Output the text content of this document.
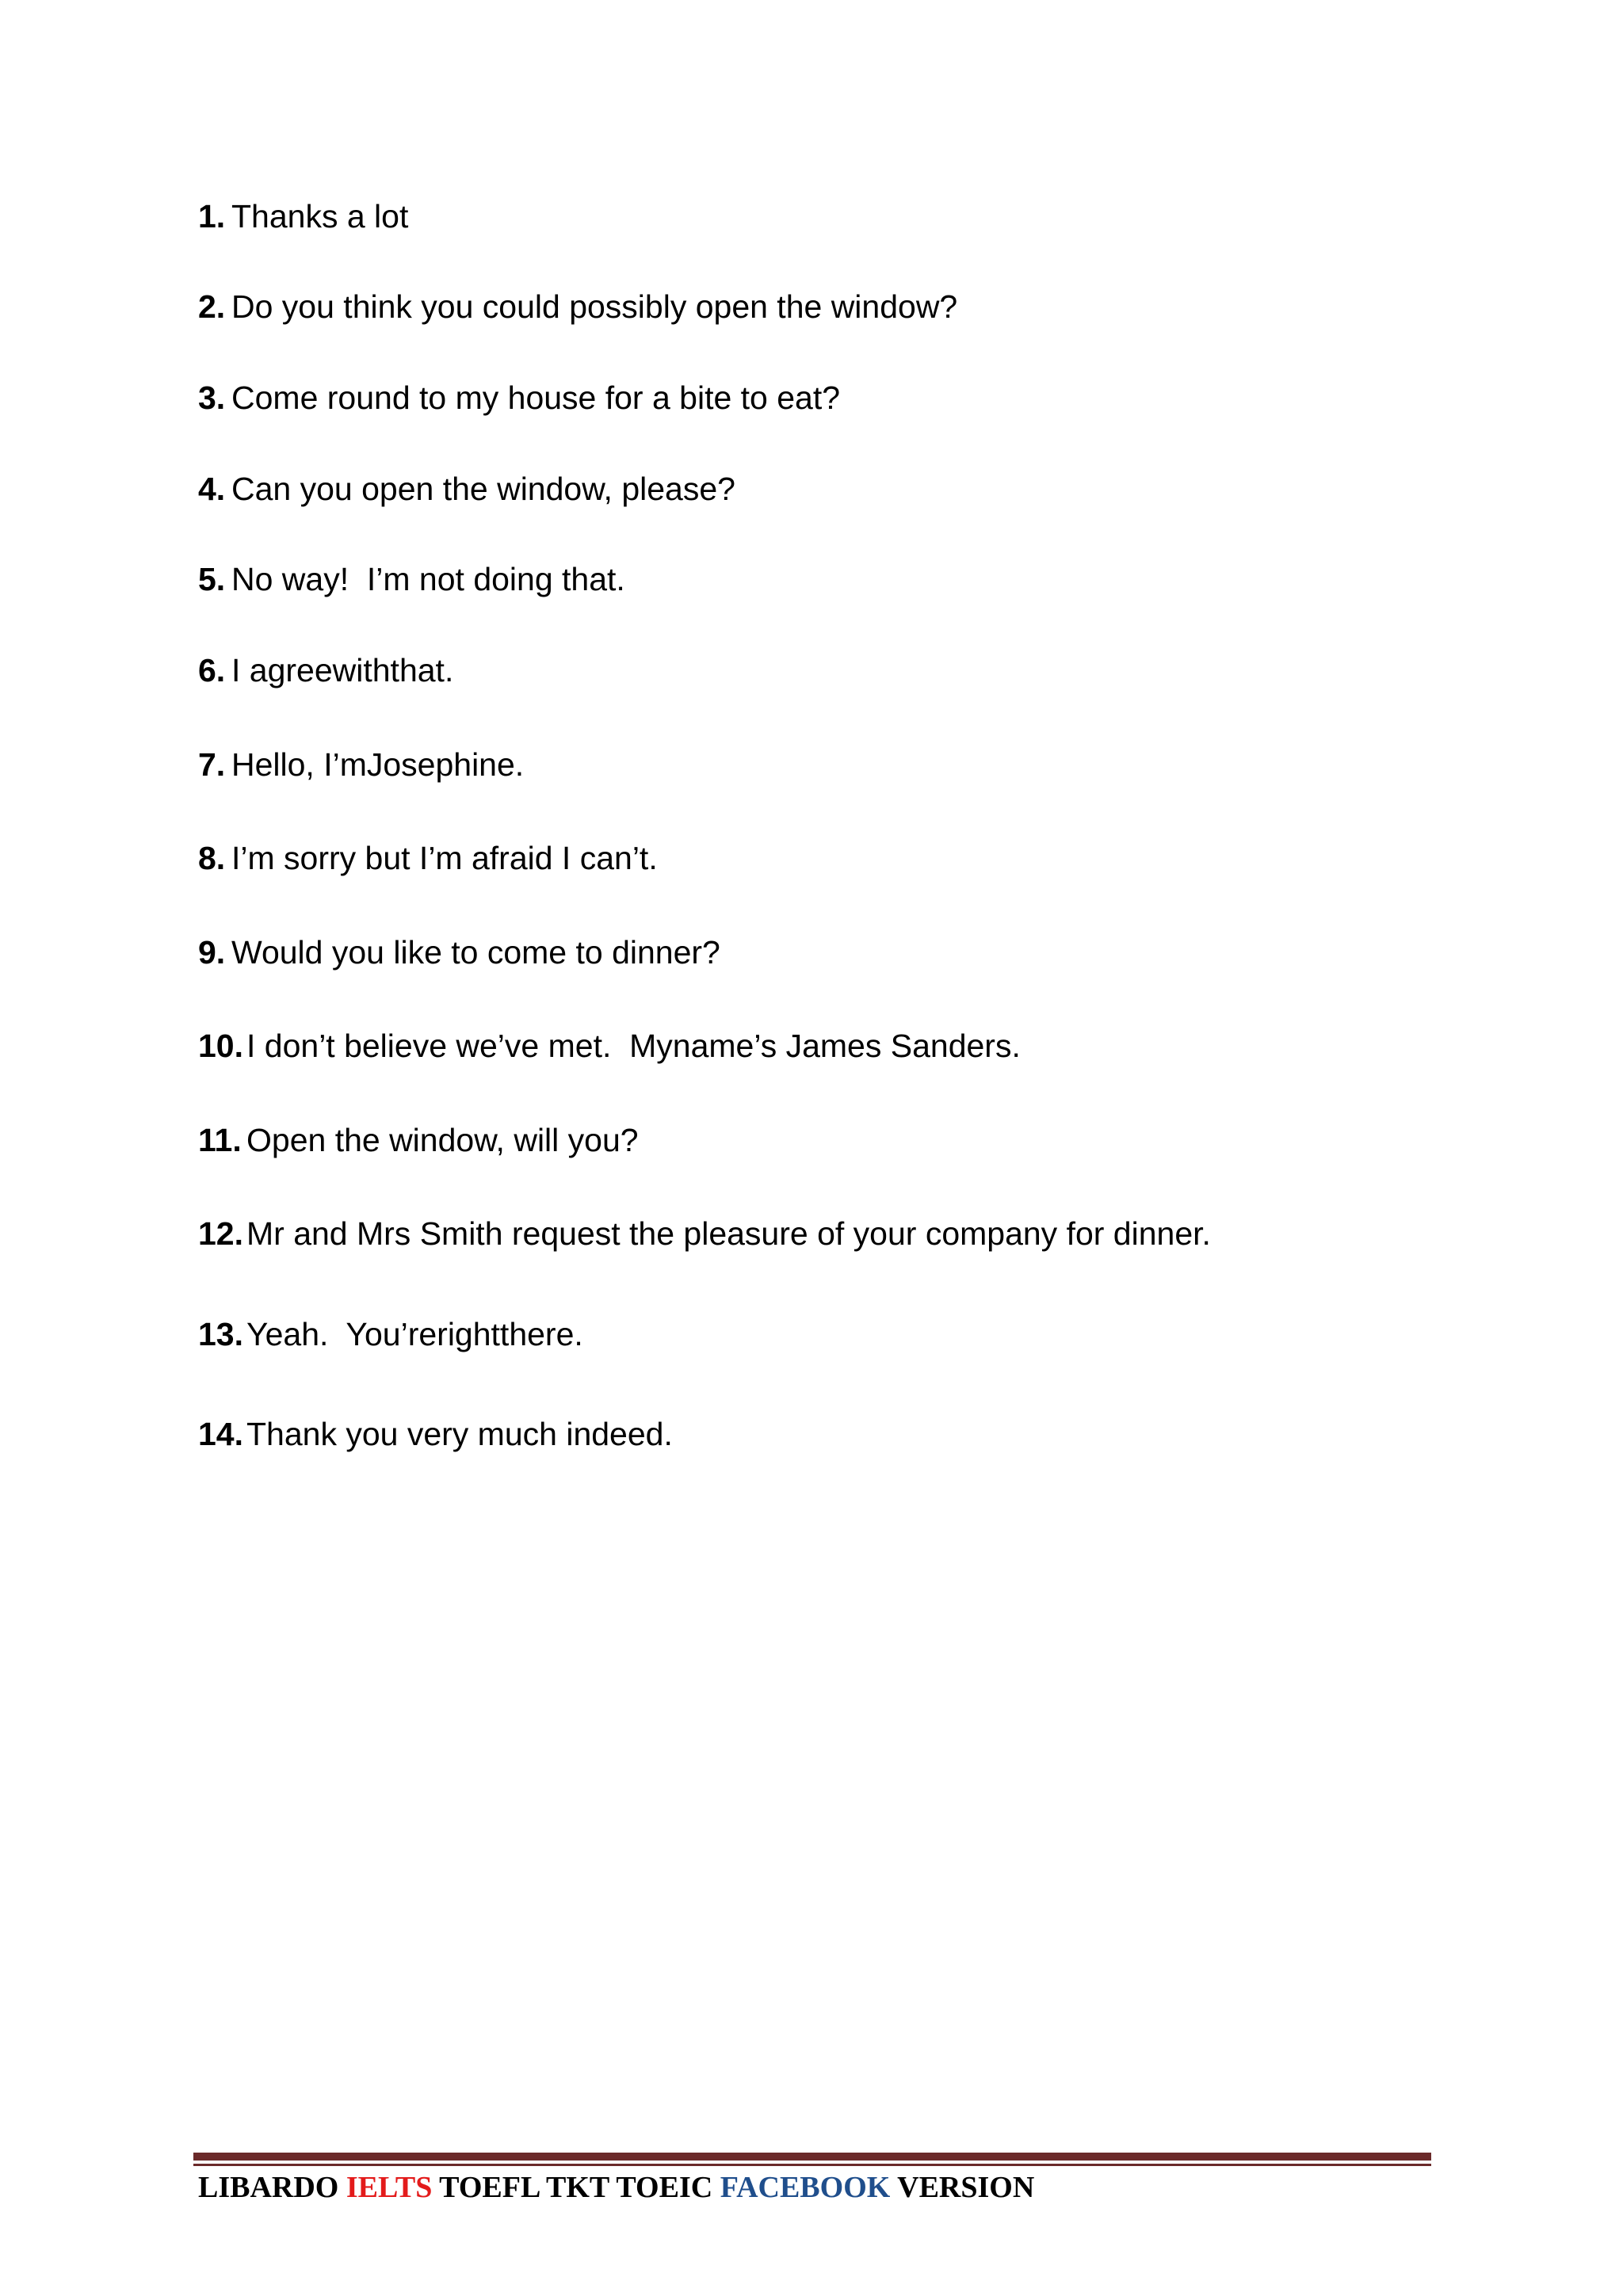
1. Thanks a lot
2. Do you think you could possibly open the window?
3. Come round to my house for a bite to eat?
4. Can you open the window, please?
5. No way!  I’m not doing that.
6. I agreewiththat.
7. Hello, I’mJosephine.
8. I’m sorry but I’m afraid I can’t.
9. Would you like to come to dinner?
10.I don’t believe we’ve met.  Myname’s James Sanders.
11. Open the window, will you?
12.Mr and Mrs Smith request the pleasure of your company for dinner.
13.Yeah.  You’rerightthere.
14.Thank you very much indeed.
LIBARDO IELTS TOEFL TKT TOEIC FACEBOOK VERSION
